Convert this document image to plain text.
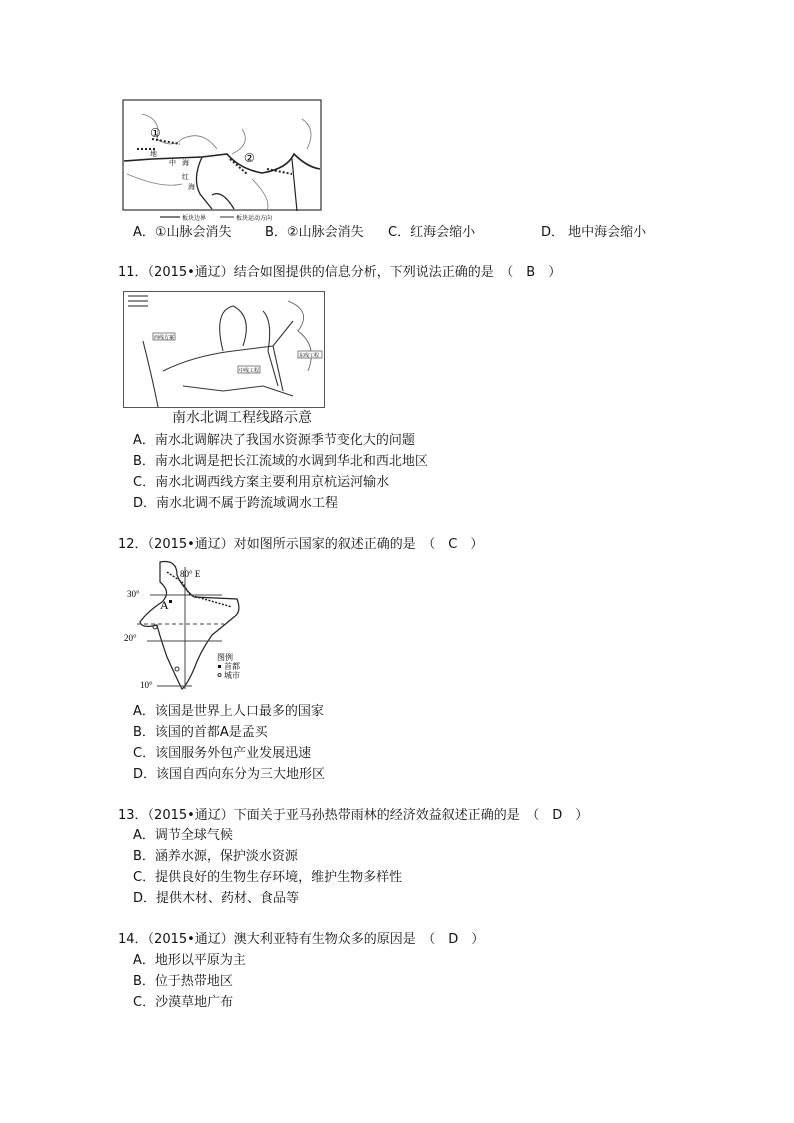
①
②
地
中 海
红
海
板块边界	板块运动方向
A．①山脉会消失	B．②山脉会消失 C．红海会缩小	D． 地中海会缩小
11．（2015•通辽）结合如图提供的信息分析，下列说法正确的是　（　B　）
西线方案
中线工程
东线工程
南水北调工程线路示意
A．南水北调解决了我国水资源季节变化大的问题
B．南水北调是把长江流域的水调到华北和西北地区
C．南水北调西线方案主要利用京杭运河输水
D．南水北调不属于跨流域调水工程
12．（2015•通辽）对如图所示国家的叙述正确的是　（　C　）
80° E
30°
20°
10°
A
图例
首都
城市
A．该国是世界上人口最多的国家
B．该国的首都A是孟买
C．该国服务外包产业发展迅速
D．该国自西向东分为三大地形区
13．（2015•通辽）下面关于亚马孙热带雨林的经济效益叙述正确的是　（　D　）
A．调节全球气候
B．涵养水源，保护淡水资源
C．提供良好的生物生存环境，维护生物多样性
D．提供木材、药材、食品等
14．（2015•通辽）澳大利亚特有生物众多的原因是　（　D　）
A．地形以平原为主
B．位于热带地区
C．沙漠草地广布
